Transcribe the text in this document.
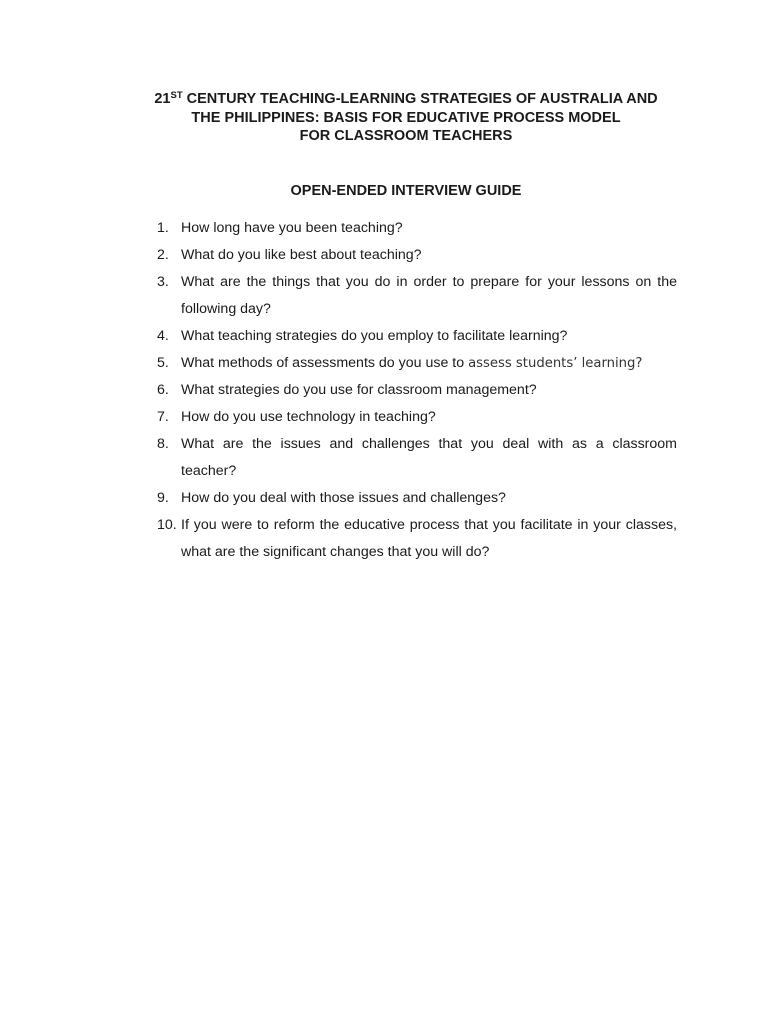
21ST CENTURY TEACHING-LEARNING STRATEGIES OF AUSTRALIA AND
THE PHILIPPINES: BASIS FOR EDUCATIVE PROCESS MODEL
FOR CLASSROOM TEACHERS
OPEN-ENDED INTERVIEW GUIDE
1. How long have you been teaching?
2. What do you like best about teaching?
3. What are the things that you do in order to prepare for your lessons on the following day?
4. What teaching strategies do you employ to facilitate learning?
5. What methods of assessments do you use to assess students’ learning?
6. What strategies do you use for classroom management?
7. How do you use technology in teaching?
8. What are the issues and challenges that you deal with as a classroom teacher?
9. How do you deal with those issues and challenges?
10. If you were to reform the educative process that you facilitate in your classes, what are the significant changes that you will do?
